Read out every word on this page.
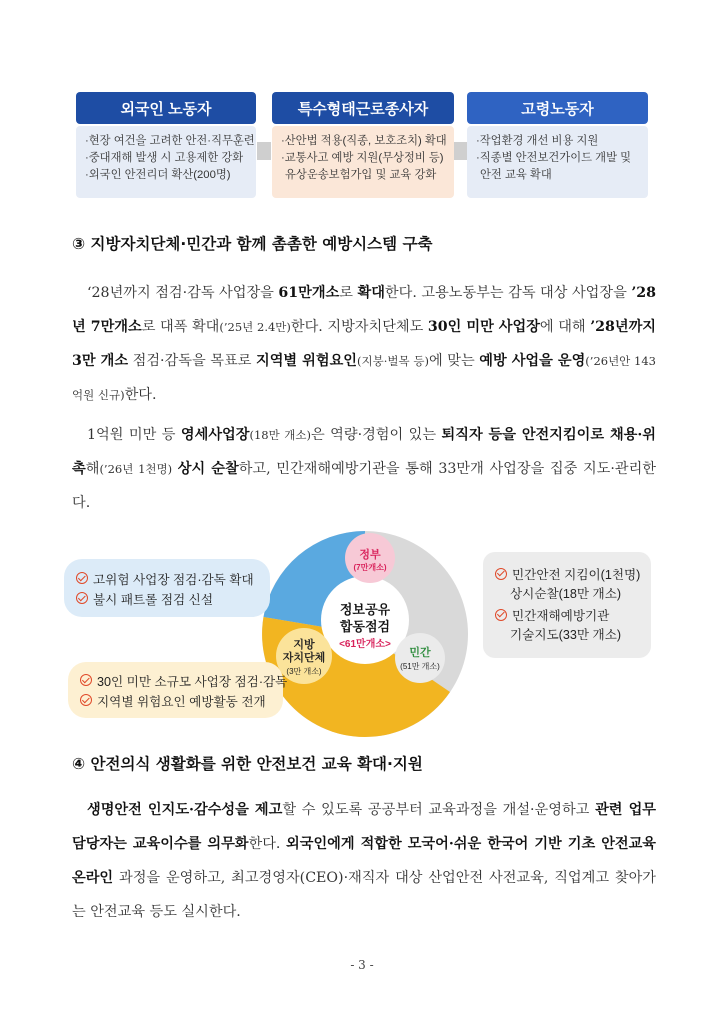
외국인 노동자
·현장 여건을 고려한 안전·직무훈련
·중대재해 발생 시 고용제한 강화
·외국인 안전리더 확산(200명)
특수형태근로종사자
·산안법 적용(직종, 보호조치) 확대
·교통사고 예방 지원(무상정비 등)
유상운송보험가입 및 교육 강화
고령노동자
·작업환경 개선 비용 지원
·직종별 안전보건가이드 개발 및
안전 교육 확대
③ 지방자치단체·민간과 함께 촘촘한 예방시스템 구축

‘28년까지 점검·감독 사업장을 61만개소로 확대한다. 고용노동부는 감독 대상 사업장을 ’28년 7만개소로 대폭 확대(’25년 2.4만)한다. 지방자치단체도 30인 미만 사업장에 대해 ’28년까지 3만 개소 점검·감독을 목표로 지역별 위험요인(지붕·벌목 등)에 맞는 예방 사업을 운영(’26년안 143억원 신규)한다.

1억원 미만 등 영세사업장(18만 개소)은 역량·경험이 있는 퇴직자 등을 안전지킴이로 채용·위촉해(’26년 1천명) 상시 순찰하고, 민간재해예방기관을 통해 33만개 사업장을 집중 지도·관리한다.

정보공유
합동점검
<61만개소>
정부
(7만개소)
지방
자치단체
(3만 개소)
민간
(51만 개소)
고위험 사업장 점검·감독 확대
불시 패트롤 점검 신설
30인 미만 소규모 사업장 점검·감독
지역별 위험요인 예방활동 전개
민간안전 지킴이(1천명)
상시순찰(18만 개소)
민간재해예방기관
기술지도(33만 개소)
④ 안전의식 생활화를 위한 안전보건 교육 확대·지원

생명안전 인지도·감수성을 제고할 수 있도록 공공부터 교육과정을 개설·운영하고 관련 업무 담당자는 교육이수를 의무화한다. 외국인에게 적합한 모국어·쉬운 한국어 기반 기초 안전교육 온라인 과정을 운영하고, 최고경영자(CEO)·재직자 대상 산업안전 사전교육, 직업계고 찾아가는 안전교육 등도 실시한다.

- 3 -
